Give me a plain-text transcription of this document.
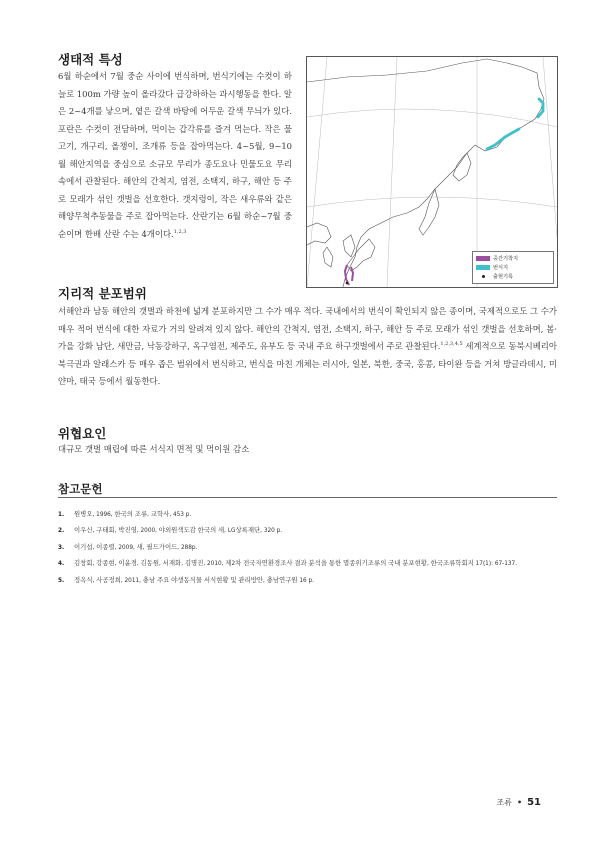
생태적 특성

6월 하순에서 7월 중순 사이에 번식하며, 번식기에는 수컷이 하늘로 100m 가량 높이 올라갔다 급강하하는 과시행동을 한다. 알은 2~4개를 낳으며, 옅은 갈색 바탕에 어두운 갈색 무늬가 있다. 포란은 수컷이 전담하며, 먹이는 갑각류를 즐겨 먹는다. 작은 물고기, 개구리, 올챙이, 조개류 등을 잡아먹는다. 4~5월, 9~10월 해안지역을 중심으로 소규모 무리가 종도요나 민물도요 무리 속에서 관찰된다. 해안의 간척지, 염전, 소택지, 하구, 해안 등 주로 모래가 섞인 갯벌을 선호한다. 갯지렁이, 작은 새우류와 같은 해양무척추동물을 주로 잡아먹는다. 산란기는 6월 하순~7월 중순이며 한배 산란 수는 4개이다.$^{1,2,3}$

중간기착지
번식지
출현기록
지리적 분포범위

서해안과 남동 해안의 갯벌과 하천에 넓게 분포하지만 그 수가 매우 적다. 국내에서의 번식이 확인되지 않은 종이며, 국제적으로도 그 수가 매우 적어 번식에 대한 자료가 거의 알려져 있지 않다. 해안의 간척지, 염전, 소택지, 하구, 해안 등 주로 모래가 섞인 갯벌을 선호하며, 봄·가을 강화 남단, 새만금, 낙동강하구, 옥구염전, 제주도, 유부도 등 국내 주요 하구갯벌에서 주로 관찰된다.$^{1,2,3,4,5}$ 세계적으로 동북시베리아 북극권과 알래스카 등 매우 좁은 범위에서 번식하고, 번식을 마친 개체는 러시아, 일본, 북한, 중국, 홍콩, 타이완 등을 거쳐 방글라데시, 미얀마, 태국 등에서 월동한다.

위협요인

대규모 갯벌 매립에 따른 서식지 면적 및 먹이원 감소

참고문헌
1.	원병오, 1996, 한국의 조류, 교학사, 453 p.
2.	이우신, 구태회, 박진영, 2000, 야외원색도감 한국의 새, LG상록재단, 320 p.
3.	이기섭, 이종렬, 2009, 새, 필드가이드, 288p.
4.	김창회, 강종현, 이윤경, 김동원, 서재화, 김명진, 2010, 제2차 전국자연환경조사 결과 분석을 통한 멸종위기조류의 국내 분포현황, 한국조류학회지 17(1): 67-137.
5.	정옥식, 사공정희, 2011, 충남 주요 야생동식물 서식현황 및 관리방안, 충남연구원 16 p.
조류 • 51
